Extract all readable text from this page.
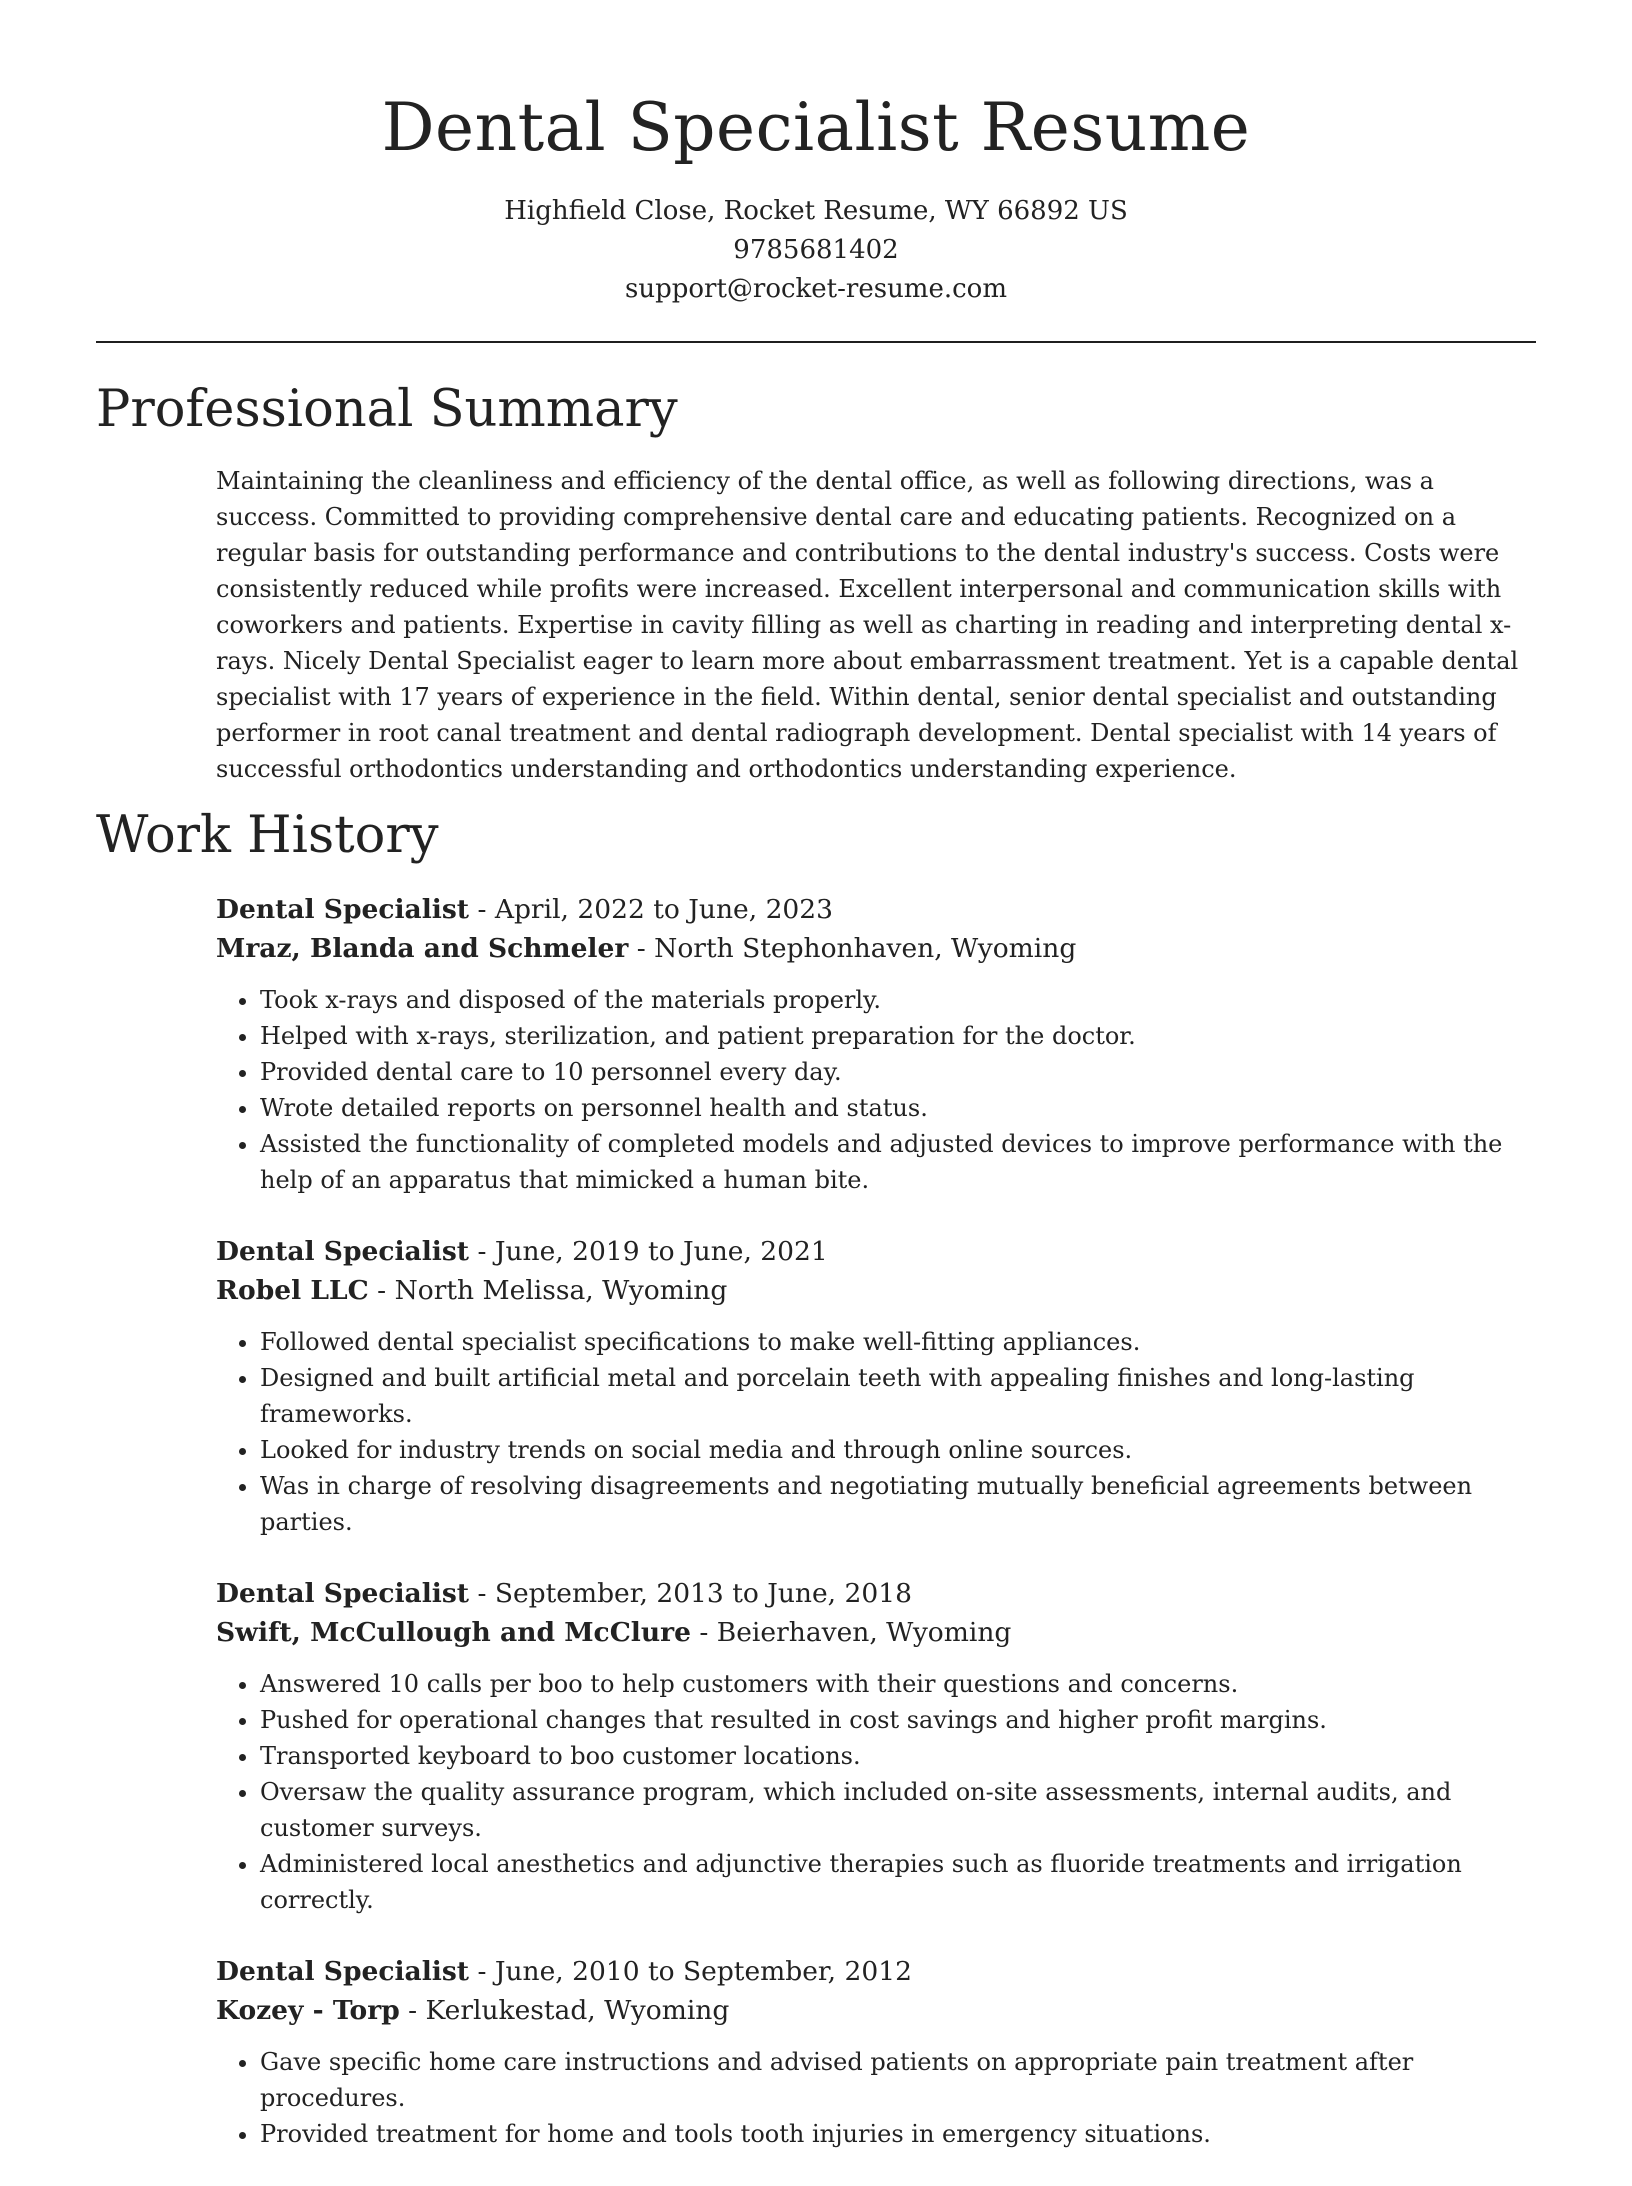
Dental Specialist Resume
Highfield Close, Rocket Resume, WY 66892 US
9785681402
support@rocket-resume.com
Professional Summary

Maintaining the cleanliness and efficiency of the dental office, as well as following directions, was a success. Committed to providing comprehensive dental care and educating patients. Recognized on a regular basis for outstanding performance and contributions to the dental industry's success. Costs were consistently reduced while profits were increased. Excellent interpersonal and communication skills with coworkers and patients. Expertise in cavity filling as well as charting in reading and interpreting dental x-rays. Nicely Dental Specialist eager to learn more about embarrassment treatment. Yet is a capable dental specialist with 17 years of experience in the field. Within dental, senior dental specialist and outstanding performer in root canal treatment and dental radiograph development. Dental specialist with 14 years of successful orthodontics understanding and orthodontics understanding experience.

Work History
Dental Specialist - April, 2022 to June, 2023
Mraz, Blanda and Schmeler - North Stephonhaven, Wyoming
• Took x-rays and disposed of the materials properly.
• Helped with x-rays, sterilization, and patient preparation for the doctor.
• Provided dental care to 10 personnel every day.
• Wrote detailed reports on personnel health and status.
• Assisted the functionality of completed models and adjusted devices to improve performance with the help of an apparatus that mimicked a human bite.
Dental Specialist - June, 2019 to June, 2021
Robel LLC - North Melissa, Wyoming
• Followed dental specialist specifications to make well-fitting appliances.
• Designed and built artificial metal and porcelain teeth with appealing finishes and long-lasting frameworks.
• Looked for industry trends on social media and through online sources.
• Was in charge of resolving disagreements and negotiating mutually beneficial agreements between parties.
Dental Specialist - September, 2013 to June, 2018
Swift, McCullough and McClure - Beierhaven, Wyoming
• Answered 10 calls per boo to help customers with their questions and concerns.
• Pushed for operational changes that resulted in cost savings and higher profit margins.
• Transported keyboard to boo customer locations.
• Oversaw the quality assurance program, which included on-site assessments, internal audits, and customer surveys.
• Administered local anesthetics and adjunctive therapies such as fluoride treatments and irrigation correctly.
Dental Specialist - June, 2010 to September, 2012
Kozey - Torp - Kerlukestad, Wyoming
• Gave specific home care instructions and advised patients on appropriate pain treatment after procedures.
• Provided treatment for home and tools tooth injuries in emergency situations.
